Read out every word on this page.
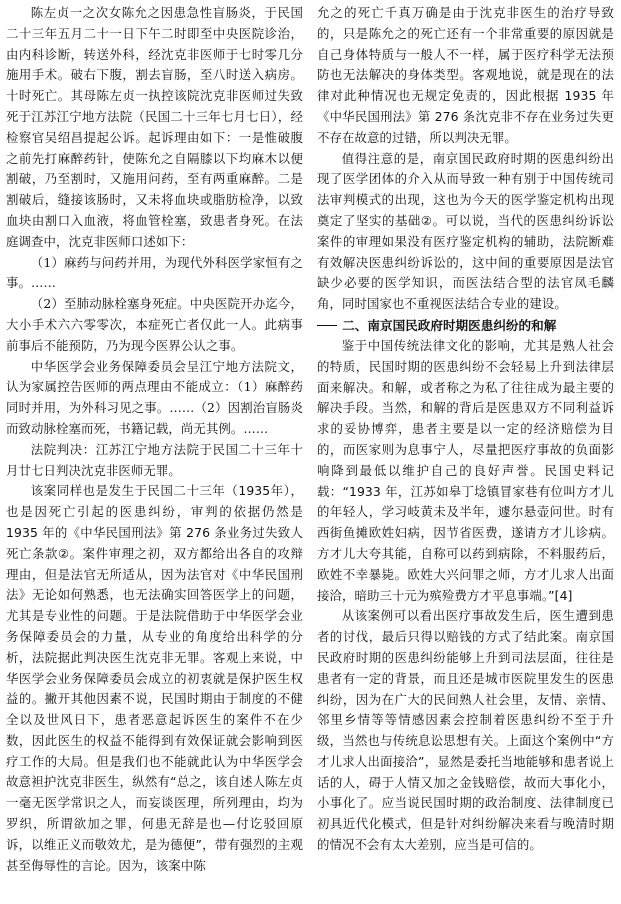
陈左贞一之次女陈允之因患急性盲肠炎，于民国二十三年五月二十一日下午二时即至中央医院诊治，由内科诊断，转送外科，经沈克非医师于七时零几分施用手术。破右下腹，割去盲肠，至八时送入病房。十时死亡。其母陈左贞一执控该院沈克非医师过失致死于江苏江宁地方法院（民国二十三年七月七日），经检察官吴绍昌提起公诉。起诉理由如下：一是惟破腹之前先打麻醉药针，使陈允之自隔膝以下均麻木以便割破，乃至割时，又施用问药，至有两重麻醉。二是割破后，缝接该肠时，又未将血块或脂肪检净，以致血块由割口入血液，将血管栓塞，致患者身死。在法庭调查中，沈克非医师口述如下：

（1）麻药与问药并用，为现代外科医学家恒有之事。……

（2）至肺动脉栓塞身死症。中央医院开办迄今，大小手术六六零零次，本症死亡者仅此一人。此病事前事后不能预防，乃为现今医界公认之事。

中华医学会业务保障委员会呈江宁地方法院文，认为家属控告医师的两点理由不能成立：（1）麻醉药同时并用，为外科习见之事。……（2）因割治盲肠炎而致动脉栓塞而死，书籍记载，尚无其例。……

法院判决：江苏江宁地方法院于民国二十三年十月廿七日判决沈克非医师无罪。

该案同样也是发生于民国二十三年（1935年），也是因死亡引起的医患纠纷，审判的依据仍然是 1935 年的《中华民国刑法》第 276 条业务过失致人死亡条款②。案件审理之初，双方都给出各自的攻辩理由，但是法官无所适从，因为法官对《中华民国刑法》无论如何熟悉，也无法确实回答医学上的问题，尤其是专业性的问题。于是法院借助于中华医学会业务保障委员会的力量，从专业的角度给出科学的分析，法院据此判决医生沈克非无罪。客观上来说，中华医学会业务保障委员会成立的初衷就是保护医生权益的。撇开其他因素不说，民国时期由于制度的不健全以及世风日下，患者恶意起诉医生的案件不在少数，因此医生的权益不能得到有效保证就会影响到医疗工作的大局。但是我们也不能就此认为中华医学会故意袒护沈克非医生，纵然有“总之，该自述人陈左贞一毫无医学常识之人，而妄谈医理，所列理由，均为罗织，所谓欲加之罪，何患无辞是也—付讫驳回原诉，以维正义而敬效尤，是为德便”，带有强烈的主观甚至侮辱性的言论。因为，该案中陈

允之的死亡千真万确是由于沈克非医生的治疗导致的，只是陈允之的死亡还有一个非常重要的原因就是自己身体特质与一般人不一样，属于医疗科学无法预防也无法解决的身体类型。客观地说，就是现在的法律对此种情况也无规定免责的，因此根据 1935 年《中华民国刑法》第 276 条沈克非不存在业务过失更不存在故意的过错，所以判决无罪。

值得注意的是，南京国民政府时期的医患纠纷出现了医学团体的介入从而导致一种有别于中国传统司法审判模式的出现，这也为今天的医学鉴定机构出现奠定了坚实的基础②。可以说，当代的医患纠纷诉讼案件的审理如果没有医疗鉴定机构的辅助，法院断难有效解决医患纠纷诉讼的，这中间的重要原因是法官缺少必要的医学知识，而医法结合型的法官凤毛麟角，同时国家也不重视医法结合专业的建设。

二、南京国民政府时期医患纠纷的和解

鉴于中国传统法律文化的影响，尤其是熟人社会的特质，民国时期的医患纠纷不会轻易上升到法律层面来解决。和解，或者称之为私了往往成为最主要的解决手段。当然，和解的背后是医患双方不同利益诉求的妥协博弈，患者主要是以一定的经济赔偿为目的，而医家则为息事宁人，尽量把医疗事故的负面影响降到最低以维护自己的良好声誉。民国史料记载：“1933 年，江苏如皋丁埝镇冒家巷有位叫方才儿的年轻人，学习岐黄未及半年，遽尔悬壶问世。时有西街鱼摊欧姓妇病，因节省医费，遂请方才儿诊病。方才儿大夸其能，自称可以药到病除，不料服药后，欧姓不幸暴毙。欧姓大兴问罪之师，方才儿求人出面接洽，暗助三十元为殡殓费方才平息事端。”[4]

从该案例可以看出医疗事故发生后，医生遭到患者的讨伐，最后只得以赔钱的方式了结此案。南京国民政府时期的医患纠纷能够上升到司法层面，往往是患者有一定的背景，而且还是城市医院里发生的医患纠纷，因为在广大的民间熟人社会里，友情、亲情、邻里乡情等等情感因素会控制着医患纠纷不至于升级，当然也与传统息讼思想有关。上面这个案例中“方才儿求人出面接洽”，显然是委托当地能够和患者说上话的人，碍于人情又加之金钱赔偿，故而大事化小，小事化了。应当说民国时期的政治制度、法律制度已初具近代化模式，但是针对纠纷解决来看与晚清时期的情况不会有太大差别，应当是可信的。
